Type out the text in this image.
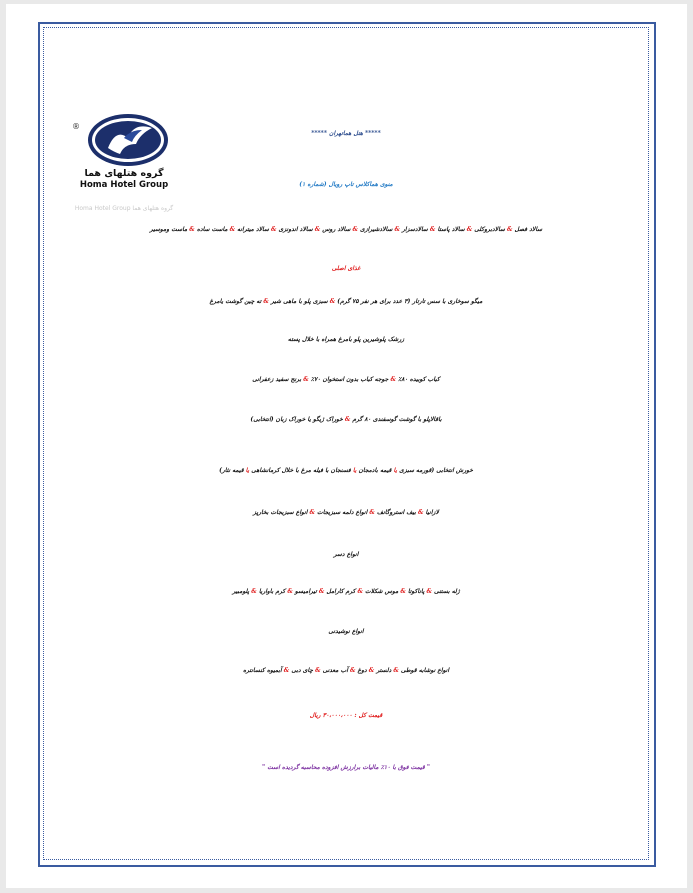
®
گروه هتلهای هما
Homa Hotel Group
Homa Hotel Group گروه هتلهای هما
***** هتل هماتهران *****
منوی هماکلاس تاپ رویال (شماره ۱)
سالاد فصل & سالادبروکلی & سالاد پاستا & سالادسزار & سالادشیرازی & سالاد روس & سالاد اندونزی & سالاد میترانه & ماست ساده & ماست وموسیر
غذای اصلی
میگو سوخاری با سس تارتار (۳ عدد برای هر نفر ۷۵ گرم) & سبزی پلو با ماهی شیر & ته چین گوشت یامرغ
زرشک پلوشیرین پلو بامرغ همراه با خلال پسته
کباب کوبیده ۸۰٪ & جوجه کباب بدون استخوان ۷۰٪ & برنج سفید زعفرانی
باقالاپلو با گوشت گوسفندی ۸۰ گرم & خوراک ژیگو یا خوراک زبان (انتخابی)
خورش انتخابی (قورمه سبزی یا قیمه بادمجان یا فسنجان با فیله مرغ با خلال کرمانشاهی یا قیمه نثار)
لازانیا & بیف استروگانف & انواع دلمه سبزیجات & انواع سبزیجات بخارپز
انواع دسر
ژله بستنی & پاناکوتا & موس شکلات & کرم کارامل & تیرامیسو & کرم باواریا & پلومبیر
انواع نوشیدنی
انواع نوشابه قوطی & دلستر & دوغ & آب معدنی & چای دبی & آبمیوه کنسانتره
قیمت کل : ۳۰،۰۰۰،۰۰۰ ریال
" قیمت فوق با ۱۰٪ مالیات برارزش افزوده محاسبه گردیده است "
